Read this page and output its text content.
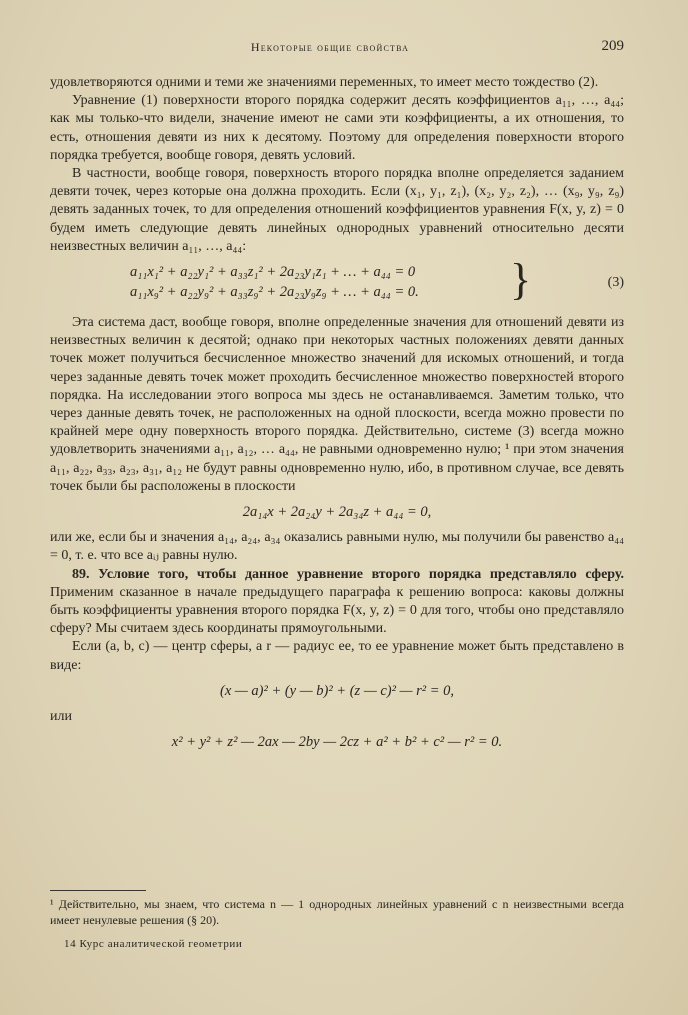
Некоторые общие свойства	209

удовлетворяются одними и теми же значениями переменных, то имеет место тождество (2).

Уравнение (1) поверхности второго порядка содержит десять коэффициентов a₁₁, …, a₄₄; как мы только-что видели, значение имеют не сами эти коэффициенты, а их отношения, то есть, отношения девяти из них к десятому. Поэтому для определения поверхности второго порядка требуется, вообще говоря, девять условий.

В частности, вообще говоря, поверхность второго порядка вполне определяется заданием девяти точек, через которые она должна проходить. Если (x₁, y₁, z₁), (x₂, y₂, z₂), … (x₉, y₉, z₉) девять заданных точек, то для определения отношений коэффициентов уравнения F(x, y, z) = 0 будем иметь следующие девять линейных однородных уравнений относительно десяти неизвестных величин a₁₁, …, a₄₄:

a₁₁x₁² + a₂₂y₁² + a₃₃z₁² + 2a₂₃y₁z₁ + … + a₄₄ = 0
a₁₁x₉² + a₂₂y₉² + a₃₃z₉² + 2a₂₃y₉z₉ + … + a₄₄ = 0.	}	(3)

Эта система даст, вообще говоря, вполне определенные значения для отношений девяти из неизвестных величин к десятой; однако при некоторых частных положениях девяти данных точек может получиться бесчисленное множество значений для искомых отношений, и тогда через заданные девять точек может проходить бесчисленное множество поверхностей второго порядка. На исследовании этого вопроса мы здесь не останавливаемся. Заметим только, что через данные девять точек, не расположенных на одной плоскости, всегда можно провести по крайней мере одну поверхность второго порядка. Действительно, системе (3) всегда можно удовлетворить значениями a₁₁, a₁₂, … a₄₄, не равными одновременно нулю; ¹ при этом значения a₁₁, a₂₂, a₃₃, a₂₃, a₃₁, a₁₂ не будут равны одновременно нулю, ибо, в противном случае, все девять точек были бы расположены в плоскости

2a₁₄x + 2a₂₄y + 2a₃₄z + a₄₄ = 0,

или же, если бы и значения a₁₄, a₂₄, a₃₄ оказались равными нулю, мы получили бы равенство a₄₄ = 0, т. е. что все aᵢⱼ равны нулю.

89. Условие того, чтобы данное уравнение второго порядка представляло сферу. Применим сказанное в начале предыдущего параграфа к решению вопроса: каковы должны быть коэффициенты уравнения второго порядка F(x, y, z) = 0 для того, чтобы оно представляло сферу? Мы считаем здесь координаты прямоугольными.

Если (a, b, c) — центр сферы, а r — радиус ее, то ее уравнение может быть представлено в виде:

(x — a)² + (y — b)² + (z — c)² — r² = 0,
или
x² + y² + z² — 2ax — 2by — 2cz + a² + b² + c² — r² = 0.
¹ Действительно, мы знаем, что система n — 1 однородных линейных уравнений с n неизвестными всегда имеет ненулевые решения (§ 20).
14 Курс аналитической геометрии
